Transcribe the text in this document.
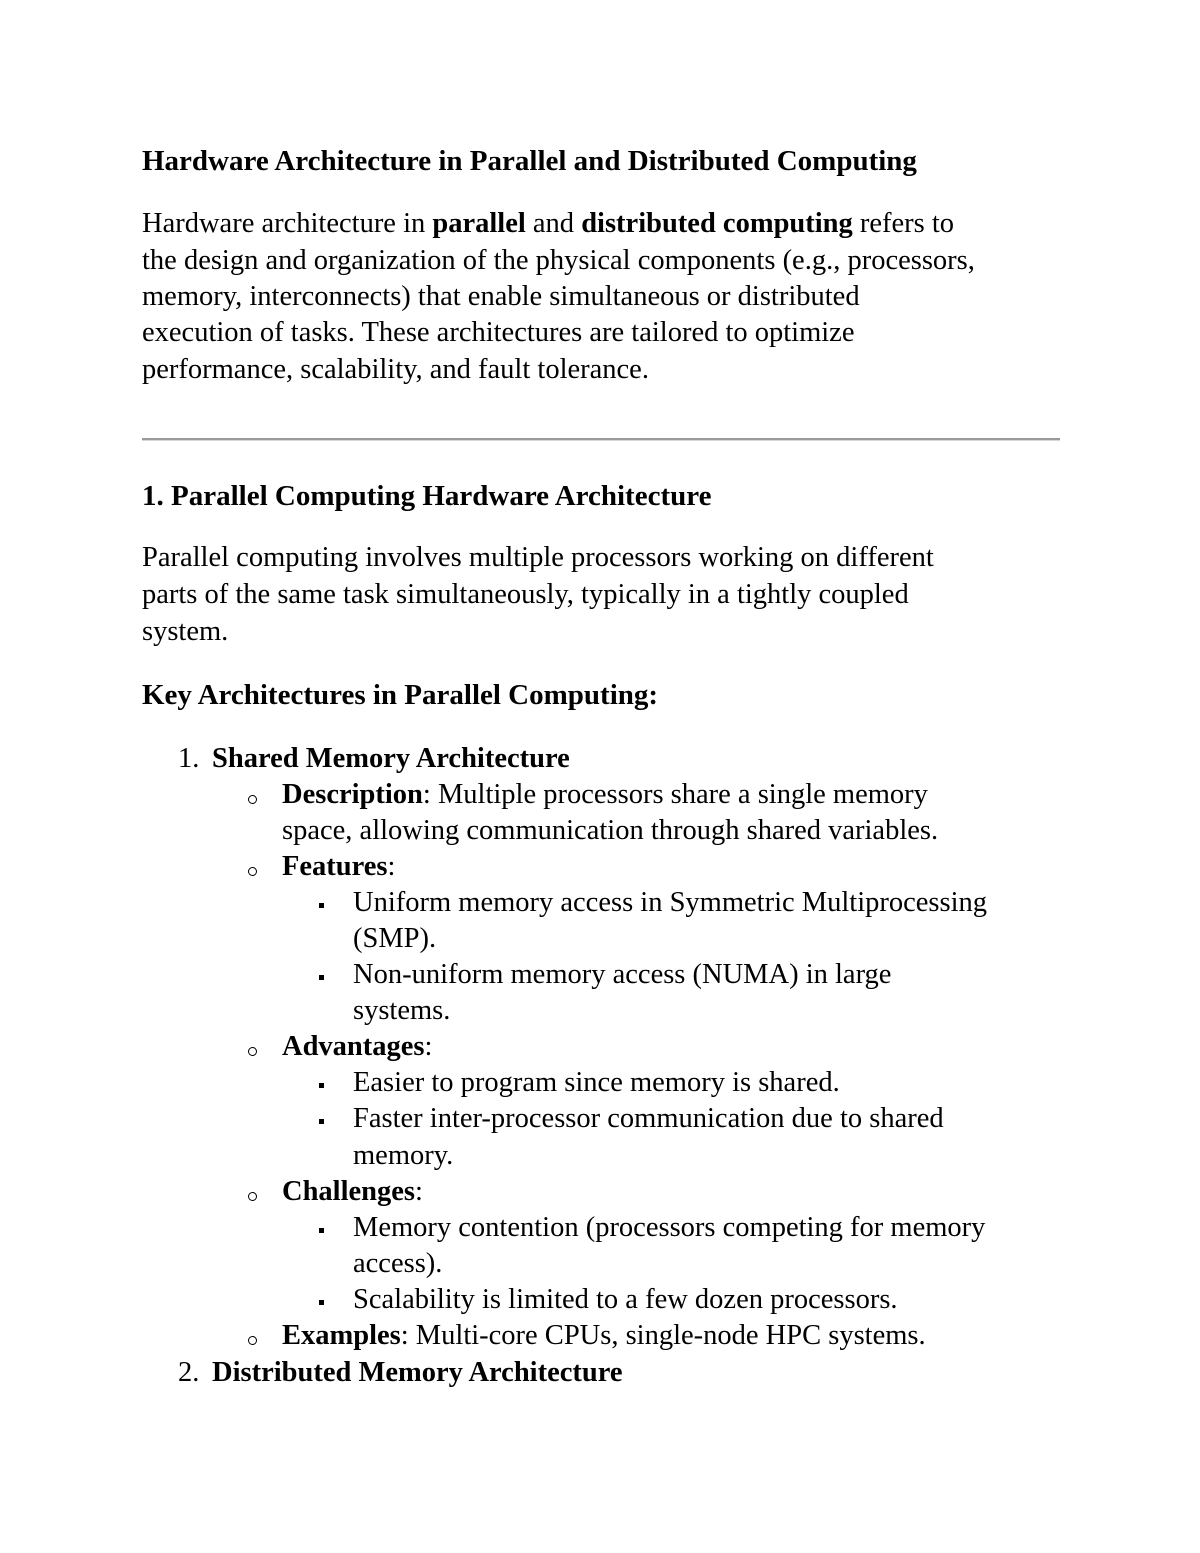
Hardware Architecture in Parallel and Distributed Computing
Hardware architecture in parallel and distributed computing refers to
the design and organization of the physical components (e.g., processors,
memory, interconnects) that enable simultaneous or distributed
execution of tasks. These architectures are tailored to optimize
performance, scalability, and fault tolerance.
1. Parallel Computing Hardware Architecture
Parallel computing involves multiple processors working on different
parts of the same task simultaneously, typically in a tightly coupled
system.
Key Architectures in Parallel Computing:
1. Shared Memory Architecture
Description: Multiple processors share a single memory
space, allowing communication through shared variables.
Features:
Uniform memory access in Symmetric Multiprocessing
(SMP).
Non-uniform memory access (NUMA) in large
systems.
Advantages:
Easier to program since memory is shared.
Faster inter-processor communication due to shared
memory.
Challenges:
Memory contention (processors competing for memory
access).
Scalability is limited to a few dozen processors.
Examples: Multi-core CPUs, single-node HPC systems.
2. Distributed Memory Architecture
